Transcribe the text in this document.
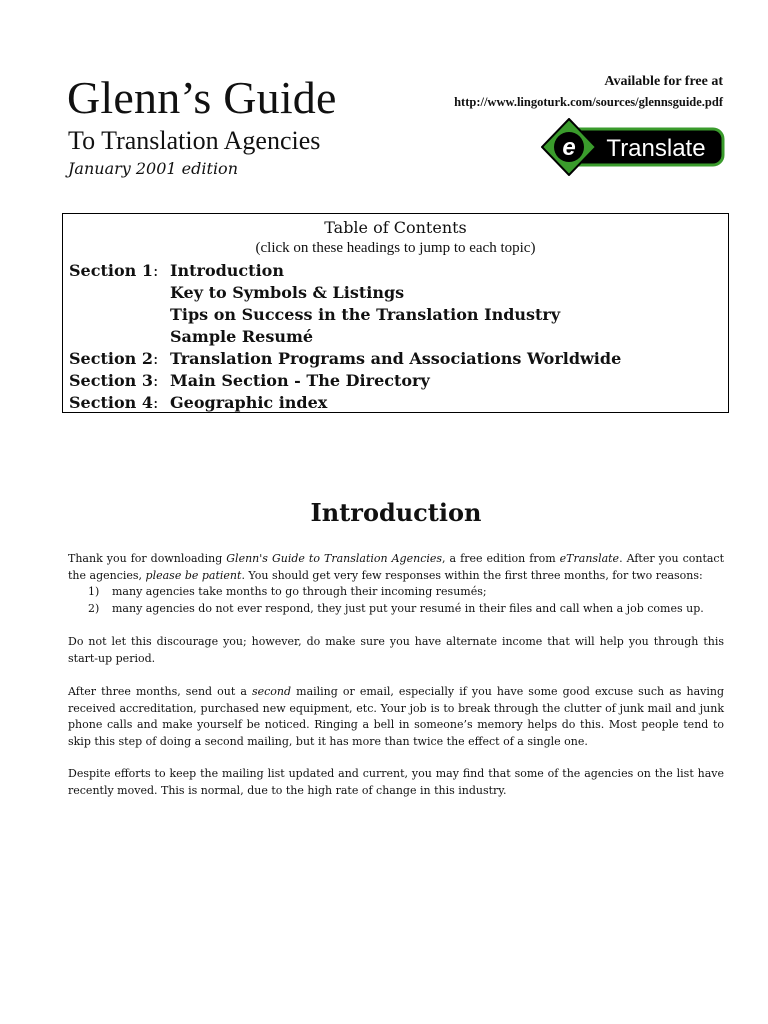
Glenn’s Guide
To Translation Agencies
January 2001 edition
Available for free at
http://www.lingoturk.com/sources/glennsguide.pdf
e Translate
Table of Contents
(click on these headings to jump to each topic)
Section 1: Introduction
Key to Symbols & Listings
Tips on Success in the Translation Industry
Sample Resumé
Section 2: Translation Programs and Associations Worldwide
Section 3: Main Section - The Directory
Section 4: Geographic index
Introduction

Thank you for downloading Glenn's Guide to Translation Agencies, a free edition from eTranslate. After you contact the agencies, please be patient. You should get very few responses within the first three months, for two reasons:

1) many agencies take months to go through their incoming resumés;
2) many agencies do not ever respond, they just put your resumé in their files and call when a job comes up.

Do not let this discourage you; however, do make sure you have alternate income that will help you through this start-up period.

After three months, send out a second mailing or email, especially if you have some good excuse such as having received accreditation, purchased new equipment, etc. Your job is to break through the clutter of junk mail and junk phone calls and make yourself be noticed. Ringing a bell in someone’s memory helps do this. Most people tend to skip this step of doing a second mailing, but it has more than twice the effect of a single one.

Despite efforts to keep the mailing list updated and current, you may find that some of the agencies on the list have recently moved. This is normal, due to the high rate of change in this industry.
